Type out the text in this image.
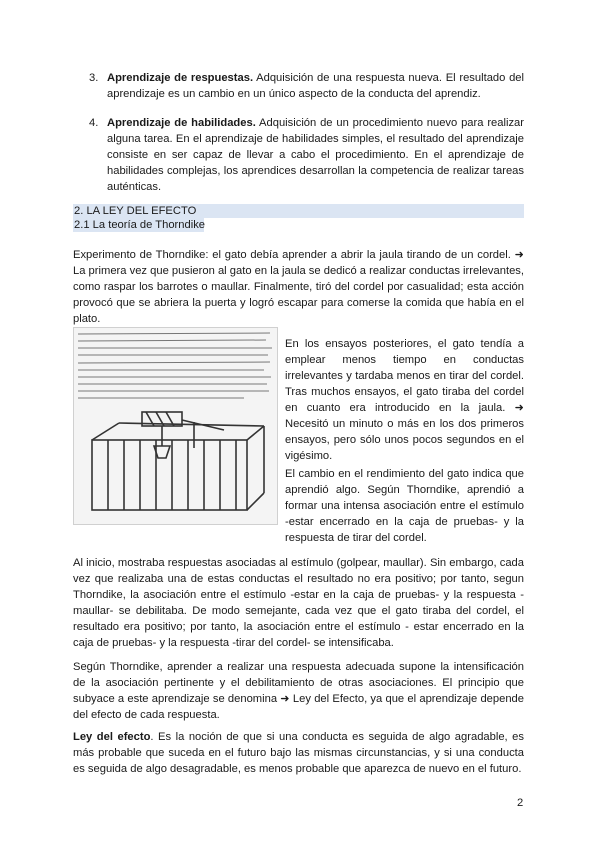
3. Aprendizaje de respuestas. Adquisición de una respuesta nueva. El resultado del aprendizaje es un cambio en un único aspecto de la conducta del aprendiz.

4. Aprendizaje de habilidades. Adquisición de un procedimiento nuevo para realizar alguna tarea. En el aprendizaje de habilidades simples, el resultado del aprendizaje consiste en ser capaz de llevar a cabo el procedimiento. En el aprendizaje de habilidades complejas, los aprendices desarrollan la competencia de realizar tareas auténticas.

2. LA LEY DEL EFECTO
2.1 La teoría de Thorndike

Experimento de Thorndike: el gato debía aprender a abrir la jaula tirando de un cordel. ➜ La primera vez que pusieron al gato en la jaula se dedicó a realizar conductas irrelevantes, como raspar los barrotes o maullar. Finalmente, tiró del cordel por casualidad; esta acción provocó que se abriera la puerta y logró escapar para comerse la comida que había en el plato.

En los ensayos posteriores, el gato tendía a emplear menos tiempo en conductas irrelevantes y tardaba menos en tirar del cordel. Tras muchos ensayos, el gato tiraba del cordel en cuanto era introducido en la jaula. ➜ Necesitó un minuto o más en los dos primeros ensayos, pero sólo unos pocos segundos en el vigésimo.

El cambio en el rendimiento del gato indica que aprendió algo. Según Thorndike, aprendió a formar una intensa asociación entre el estímulo -estar encerrado en la caja de pruebas- y la respuesta de tirar del cordel.

Al inicio, mostraba respuestas asociadas al estímulo (golpear, maullar). Sin embargo, cada vez que realizaba una de estas conductas el resultado no era positivo; por tanto, segun Thorndike, la asociación entre el estímulo -estar en la caja de pruebas- y la respuesta -maullar- se debilitaba. De modo semejante, cada vez que el gato tiraba del cordel, el resultado era positivo; por tanto, la asociación entre el estímulo - estar encerrado en la caja de pruebas- y la respuesta -tirar del cordel- se intensificaba.

Según Thorndike, aprender a realizar una respuesta adecuada supone la intensificación de la asociación pertinente y el debilitamiento de otras asociaciones. El principio que subyace a este aprendizaje se denomina ➜ Ley del Efecto, ya que el aprendizaje depende del efecto de cada respuesta.

Ley del efecto. Es la noción de que si una conducta es seguida de algo agradable, es más probable que suceda en el futuro bajo las mismas circunstancias, y si una conducta es seguida de algo desagradable, es menos probable que aparezca de nuevo en el futuro.

2
